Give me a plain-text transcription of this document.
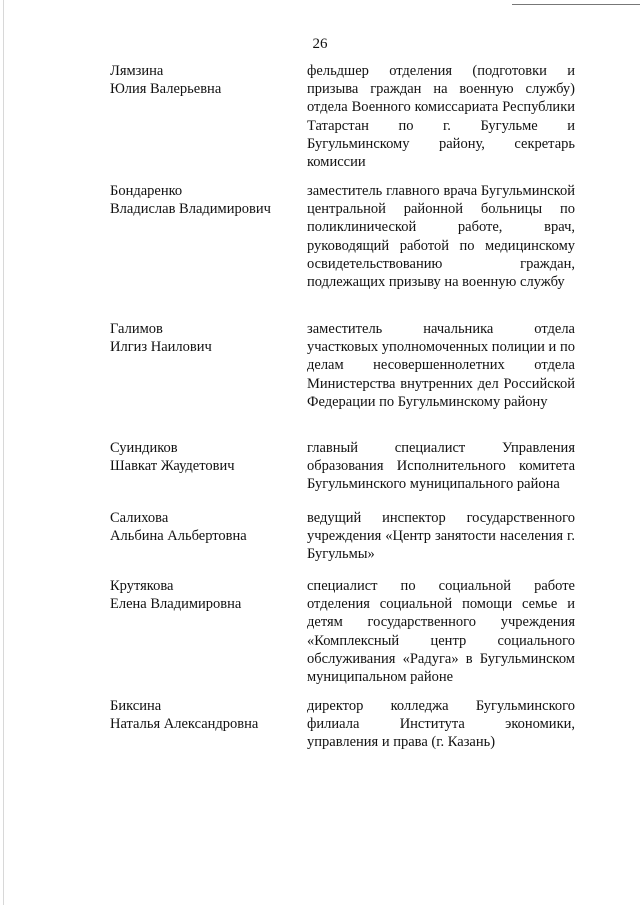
26
Лямзина
Юлия Валерьевна
фельдшер отделения (подготовки и призыва граждан на военную службу) отдела Военного комиссариата Республики Татарстан по г. Бугульме и Бугульминскому району, секретарь комиссии
Бондаренко
Владислав Владимирович
заместитель главного врача Бугульминской центральной районной больницы по поликлинической работе, врач, руководящий работой по медицинскому освидетельствованию граждан, подлежащих призыву на военную службу
Галимов
Илгиз Наилович
заместитель начальника отдела участковых уполномоченных полиции и по делам несовершеннолетних отдела Министерства внутренних дел Российской Федерации по Бугульминскому району
Суиндиков
Шавкат Жаудетович
главный специалист Управления образования Исполнительного комитета Бугульминского муниципального района
Салихова
Альбина Альбертовна
ведущий инспектор государственного учреждения «Центр занятости населения г. Бугульмы»
Крутякова
Елена Владимировна
специалист по социальной работе отделения социальной помощи семье и детям государственного учреждения «Комплексный центр социального обслуживания «Радуга» в Бугульминском муниципальном районе
Биксина
Наталья Александровна
директор колледжа Бугульминского филиала Института экономики, управления и права (г. Казань)
